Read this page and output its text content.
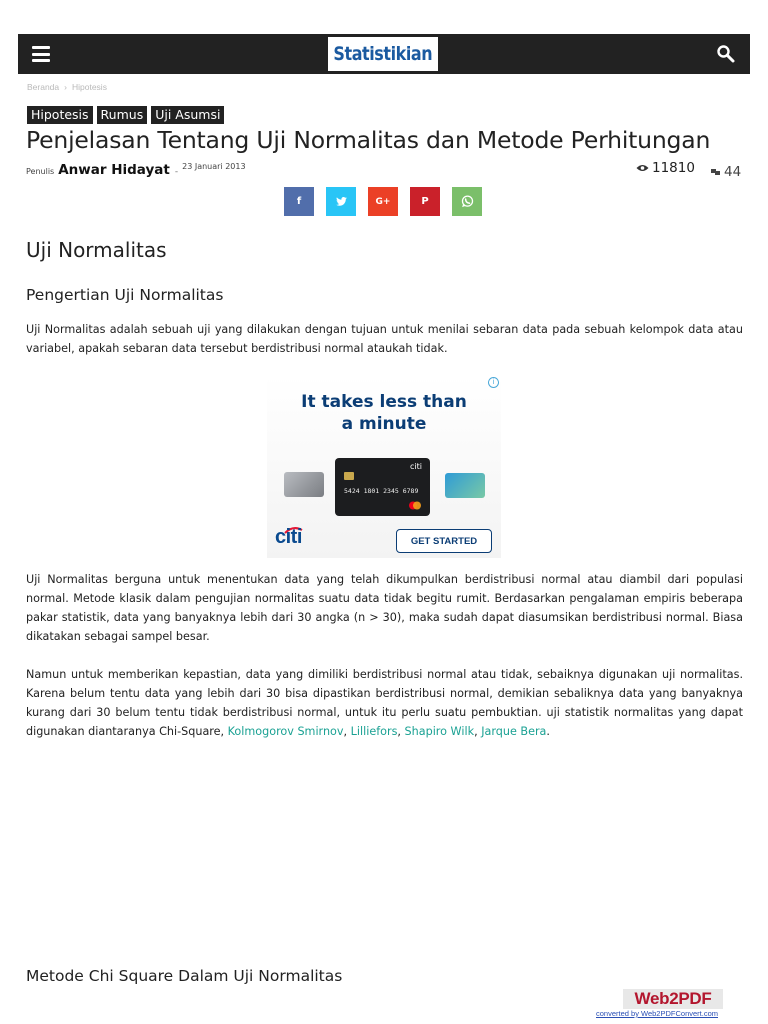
Statistikian
Beranda › Hipotesis
Hipotesis Rumus Uji Asumsi
Penjelasan Tentang Uji Normalitas dan Metode Perhitungan
Penulis Anwar Hidayat -
23 Januari 2013	11810 44
f	G+	P
Uji Normalitas
Pengertian Uji Normalitas

Uji Normalitas adalah sebuah uji yang dilakukan dengan tujuan untuk menilai sebaran data pada sebuah kelompok data atau variabel, apakah sebaran data tersebut berdistribusi normal ataukah tidak.

i
It takes less than
a minute
citi
5424 1801 2345 6789
citi	GET STARTED

Uji Normalitas berguna untuk menentukan data yang telah dikumpulkan berdistribusi normal atau diambil dari populasi normal. Metode klasik dalam pengujian normalitas suatu data tidak begitu rumit. Berdasarkan pengalaman empiris beberapa pakar statistik, data yang banyaknya lebih dari 30 angka (n > 30), maka sudah dapat diasumsikan berdistribusi normal. Biasa dikatakan sebagai sampel besar.

Namun untuk memberikan kepastian, data yang dimiliki berdistribusi normal atau tidak, sebaiknya digunakan uji normalitas. Karena belum tentu data yang lebih dari 30 bisa dipastikan berdistribusi normal, demikian sebaliknya data yang banyaknya kurang dari 30 belum tentu tidak berdistribusi normal, untuk itu perlu suatu pembuktian. uji statistik normalitas yang dapat digunakan diantaranya Chi-Square, Kolmogorov Smirnov, Lilliefors, Shapiro Wilk, Jarque Bera.

Metode Chi Square Dalam Uji Normalitas
Web2PDF
converted by Web2PDFConvert.com
